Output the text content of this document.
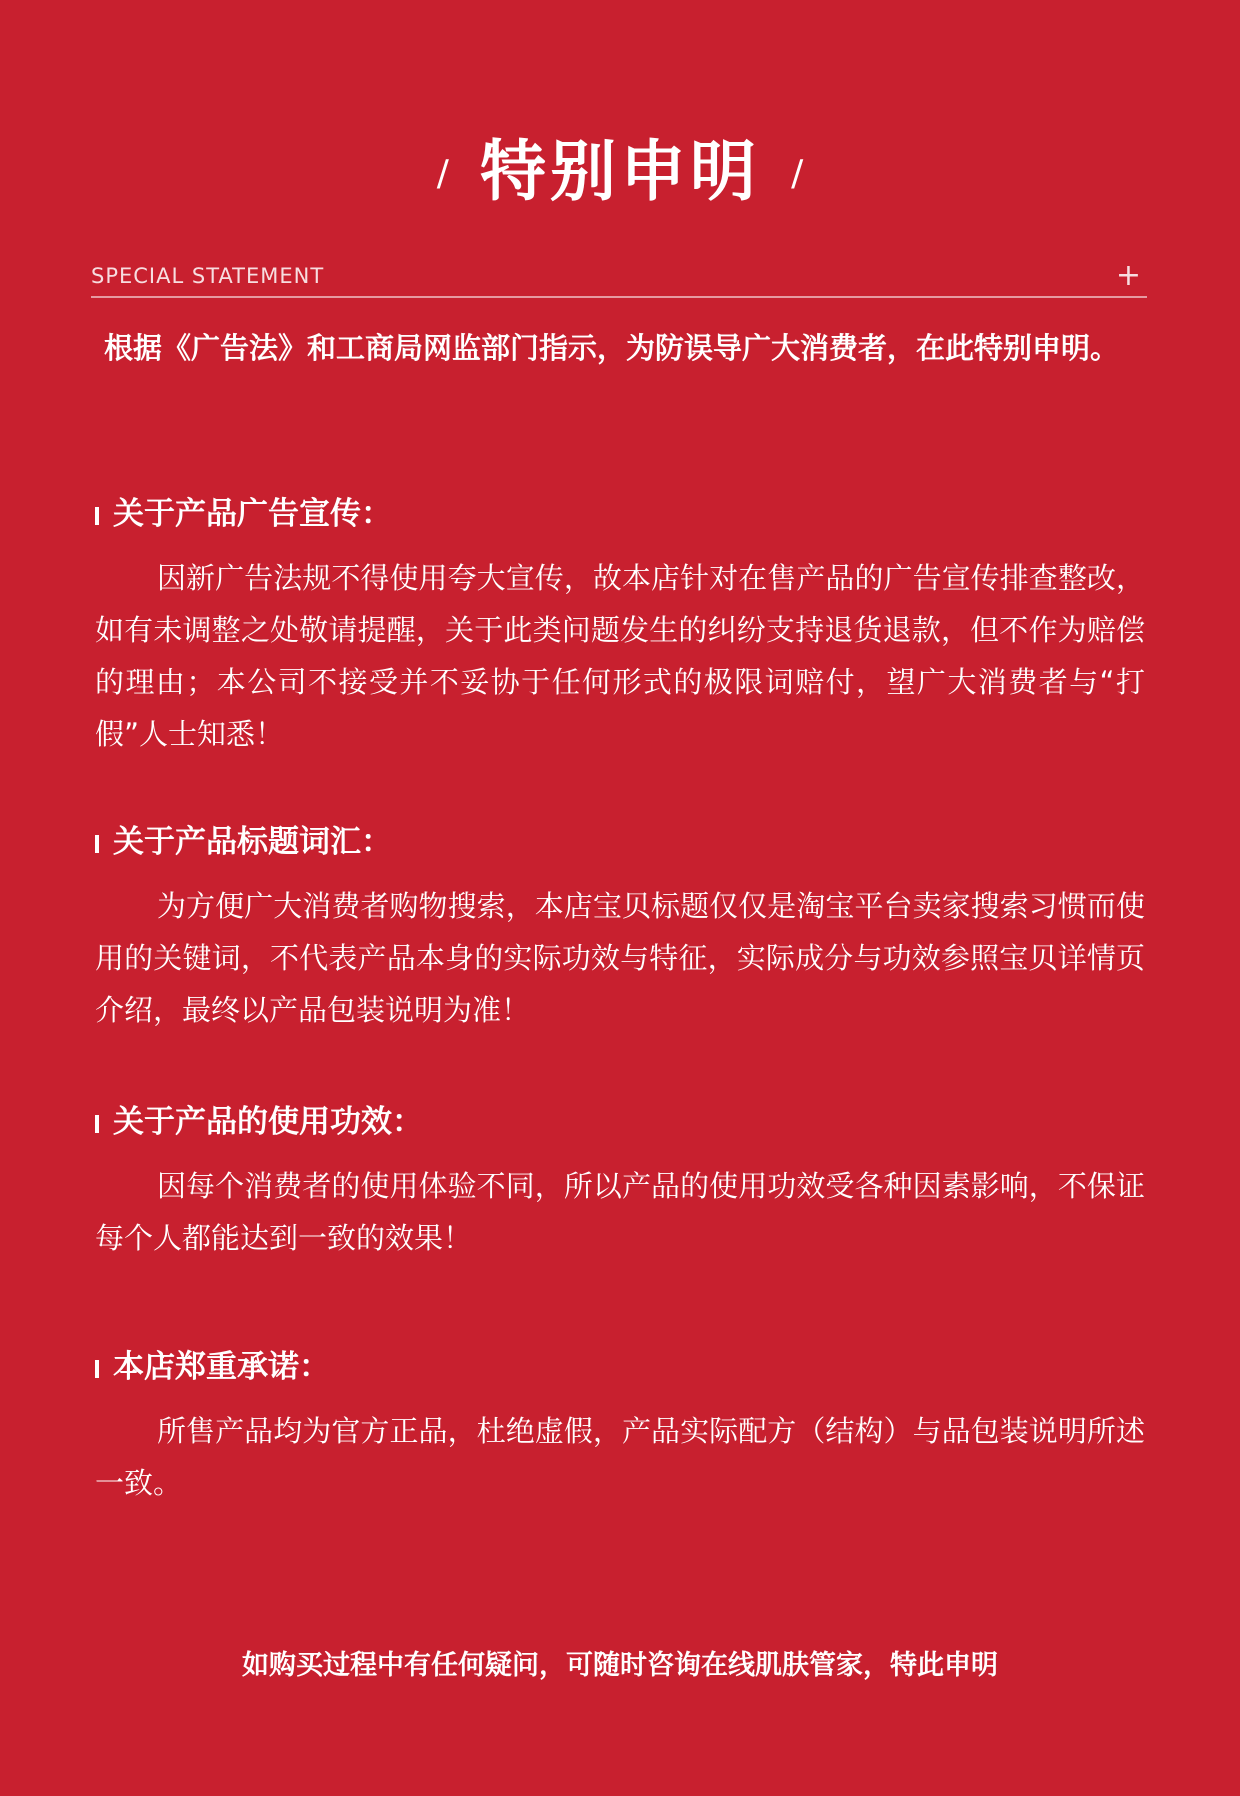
/ 特别申明 /
SPECIAL STATEMENT	+
根据《广告法》和工商局网监部门指示，为防误导广大消费者，在此特别申明。
关于产品广告宣传：
因新广告法规不得使用夸大宣传，故本店针对在售产品的广告宣传排查整改，如有未调整之处敬请提醒，关于此类问题发生的纠纷支持退货退款，但不作为赔偿的理由；本公司不接受并不妥协于任何形式的极限词赔付，望广大消费者与“打假”人士知悉！
关于产品标题词汇：
为方便广大消费者购物搜索，本店宝贝标题仅仅是淘宝平台卖家搜索习惯而使用的关键词，不代表产品本身的实际功效与特征，实际成分与功效参照宝贝详情页介绍，最终以产品包装说明为准！
关于产品的使用功效：
因每个消费者的使用体验不同，所以产品的使用功效受各种因素影响，不保证每个人都能达到一致的效果！
本店郑重承诺：
所售产品均为官方正品，杜绝虚假，产品实际配方（结构）与品包装说明所述一致。
如购买过程中有任何疑问，可随时咨询在线肌肤管家，特此申明
